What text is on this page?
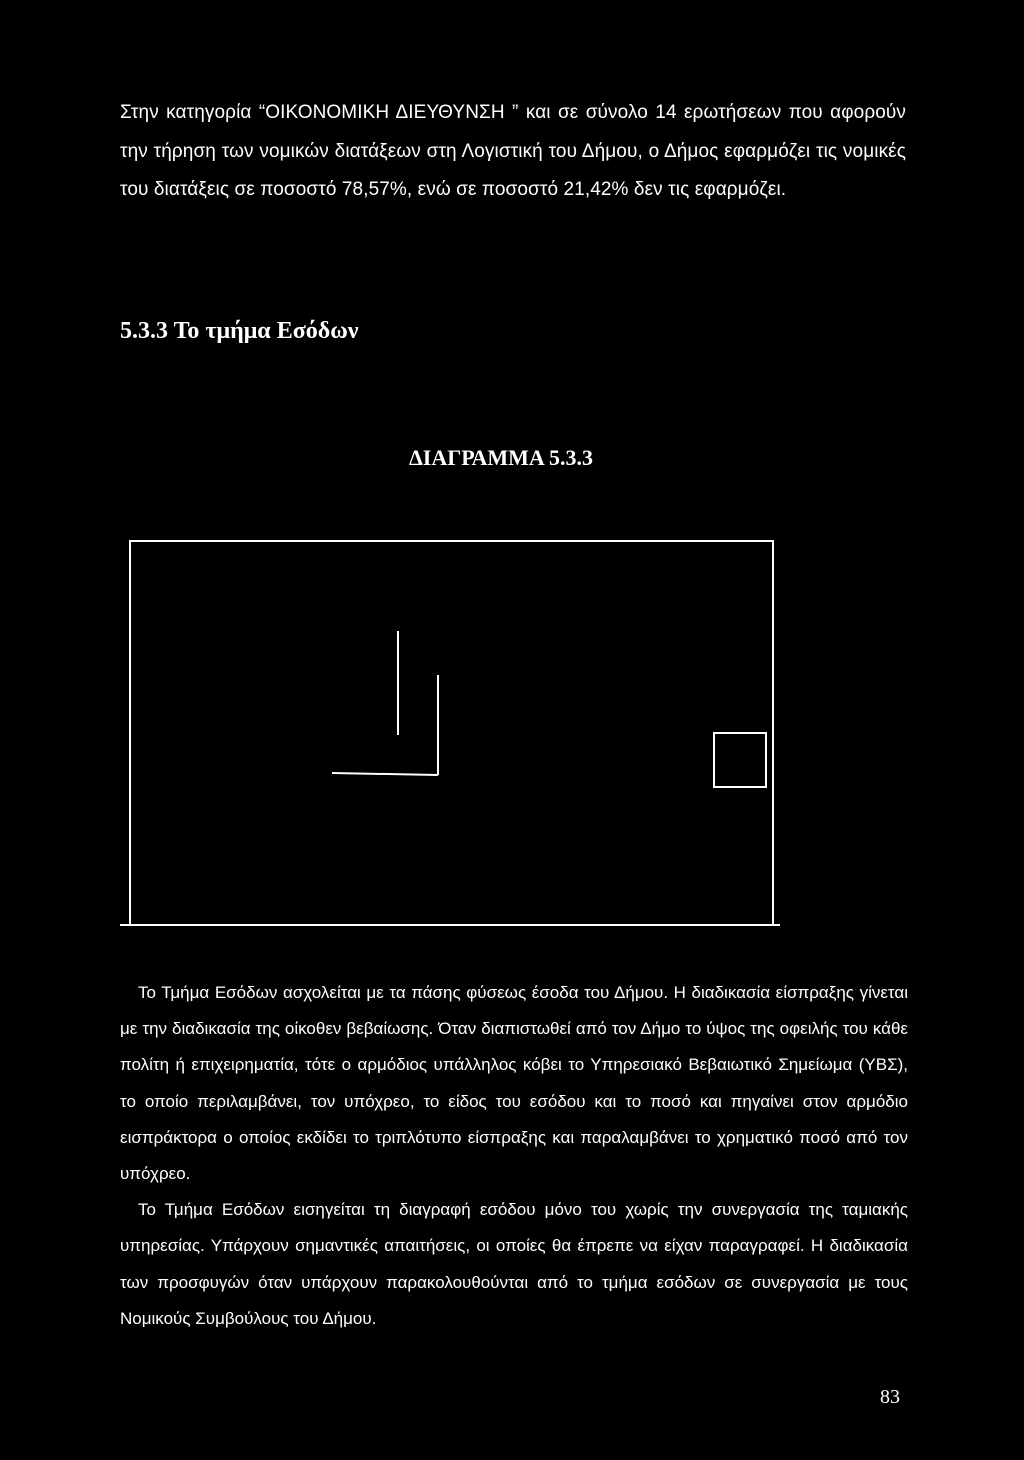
Στην κατηγορία “ΟΙΚΟΝΟΜΙΚΗ ΔΙΕΥΘΥΝΣΗ ” και σε σύνολο 14 ερωτήσεων που αφορούν την τήρηση των νομικών διατάξεων στη Λογιστική του Δήμου, ο Δήμος εφαρμόζει τις νομικές του διατάξεις σε ποσοστό 78,57%, ενώ σε ποσοστό 21,42% δεν τις εφαρμόζει.
5.3.3 Το τμήμα Εσόδων
ΔΙΑΓΡΑΜΜΑ 5.3.3

Το Τμήμα Εσόδων ασχολείται με τα πάσης φύσεως έσοδα του Δήμου. Η διαδικασία είσπραξης γίνεται με την διαδικασία της οίκοθεν βεβαίωσης. Όταν διαπιστωθεί από τον Δήμο το ύψος της οφειλής του κάθε πολίτη ή επιχειρηματία, τότε ο αρμόδιος υπάλληλος κόβει το Υπηρεσιακό Βεβαιωτικό Σημείωμα (ΥΒΣ), το οποίο περιλαμβάνει, τον υπόχρεο, το είδος του εσόδου και το ποσό και πηγαίνει στον αρμόδιο εισπράκτορα ο οποίος εκδίδει το τριπλότυπο είσπραξης και παραλαμβάνει το χρηματικό ποσό από τον υπόχρεο.

Το Τμήμα Εσόδων εισηγείται τη διαγραφή εσόδου μόνο του χωρίς την συνεργασία της ταμιακής υπηρεσίας. Υπάρχουν σημαντικές απαιτήσεις, οι οποίες θα έπρεπε να είχαν παραγραφεί. Η διαδικασία των προσφυγών όταν υπάρχουν παρακολουθούνται από το τμήμα εσόδων σε συνεργασία με τους Νομικούς Συμβούλους του Δήμου.

83
